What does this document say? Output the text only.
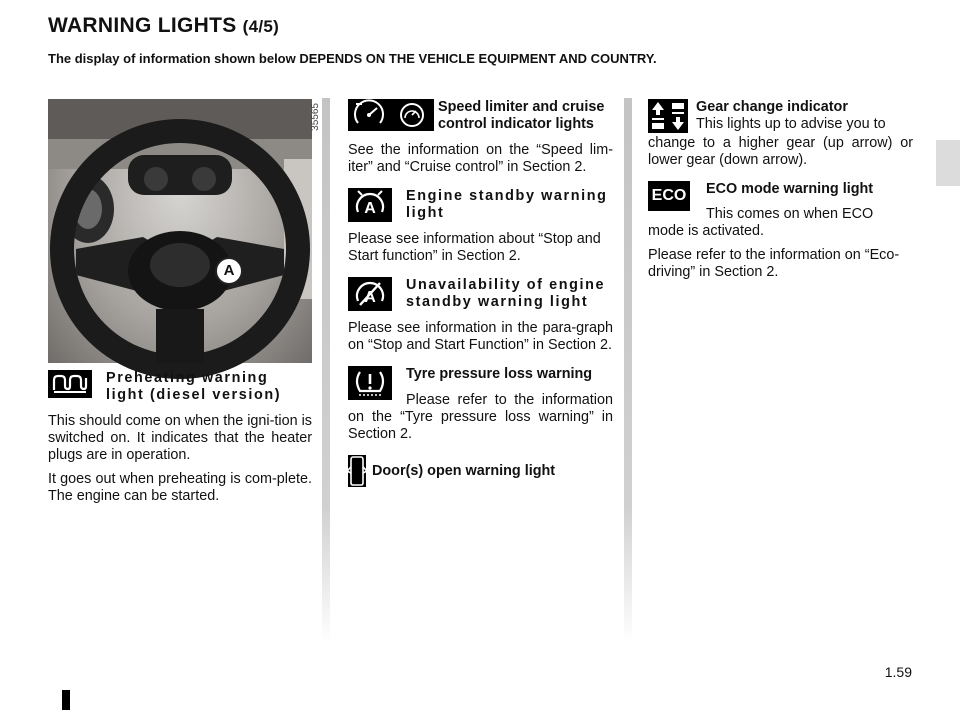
WARNING LIGHTS (4/5)

The display of information shown below DEPENDS ON THE VEHICLE EQUIPMENT AND COUNTRY.

35565
A
Preheating warning light (diesel version)

This should come on when the igni-tion is switched on. It indicates that the heater plugs are in operation.

It goes out when preheating is com-plete. The engine can be started.

Speed limiter and cruise control indicator lights

See the information on the “Speed lim-iter” and “Cruise control” in Section 2.

A
Engine standby warning light

Please see information about “Stop and Start function” in Section 2.

A
Unavailability of engine standby warning light

Please see information in the para-graph on “Stop and Start Function” in Section 2.

Tyre pressure loss warning

Please refer to the information on the “Tyre pressure loss warning” in Section 2.

Door(s) open warning light
Gear change indicator
This lights up to advise you to

change to a higher gear (up arrow) or lower gear (down arrow).

ECO ECO mode warning light
This comes on when ECO

mode is activated.

Please refer to the information on “Eco-driving” in Section 2.

1.59
